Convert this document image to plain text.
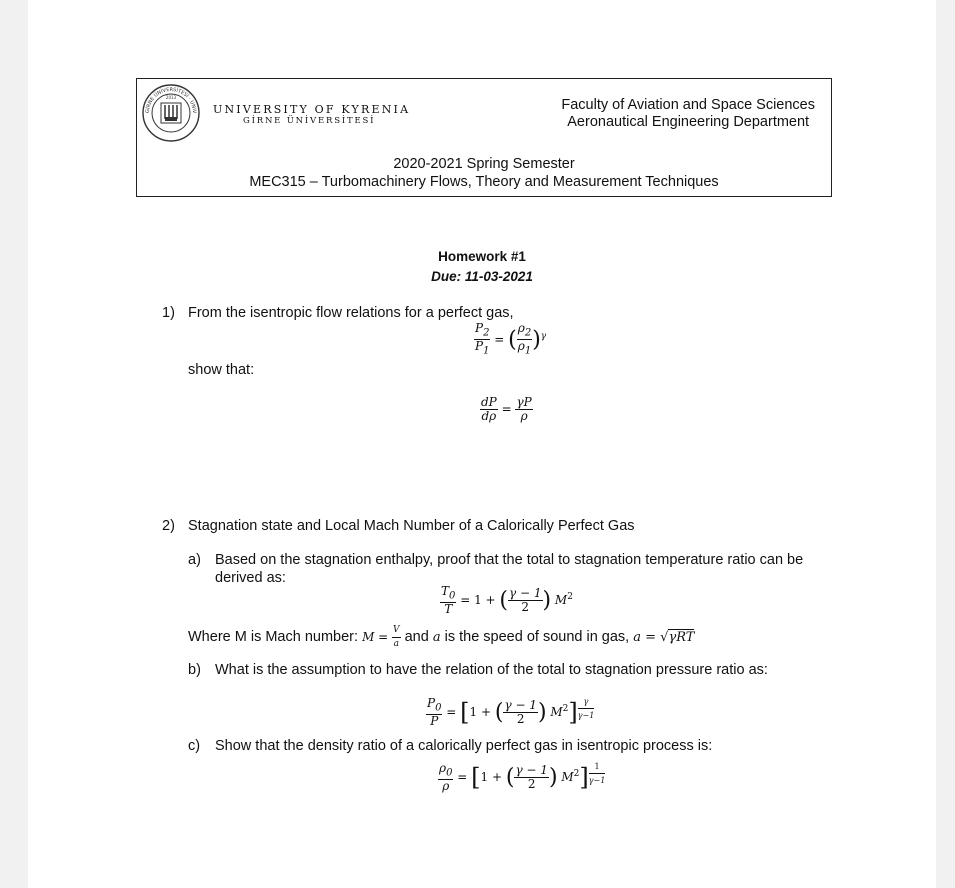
GİRNE ÜNİVERSİTESİ · UNIV
2013
UNIVERSITY OF KYRENIA
GİRNE ÜNİVERSİTESİ
Faculty of Aviation and Space Sciences
Aeronautical Engineering Department
2020-2021 Spring Semester
MEC315 – Turbomachinery Flows, Theory and Measurement Techniques
Homework #1
Due: 11-03-2021
1) From the isentropic flow relations for a perfect gas,
$\frac{P_2}{P_1}$ = ( $\frac{\rho_2}{\rho_1} )^\gamma$
show that:
$\frac{dP}{d\rho} = \frac{\gamma P}{\rho}$
2) Stagnation state and Local Mach Number of a Calorically Perfect Gas
a) Based on the stagnation enthalpy, proof that the total to stagnation temperature ratio can be
derived as:
$\frac{T_0}{T} = 1$ + ( $\frac{\gamma - 1}{2}$ ) $M^2$
Where M is Mach number: $M = \frac{V}{a}$ and a is the speed of sound in gas, a = √γRT
b) What is the assumption to have the relation of the total to stagnation pressure ratio as:
$\frac{P_0}{P} = [1$ + ( $\frac{\gamma - 1}{2}$ ) $M^2$] $^{\frac{\gamma}{\gamma-1}}$
c) Show that the density ratio of a calorically perfect gas in isentropic process is:
$\frac{\rho_0}{\rho} = [1$ + ( $\frac{\gamma - 1}{2}$ ) $M^2$] $^{\frac{1}{\gamma-1}}$
